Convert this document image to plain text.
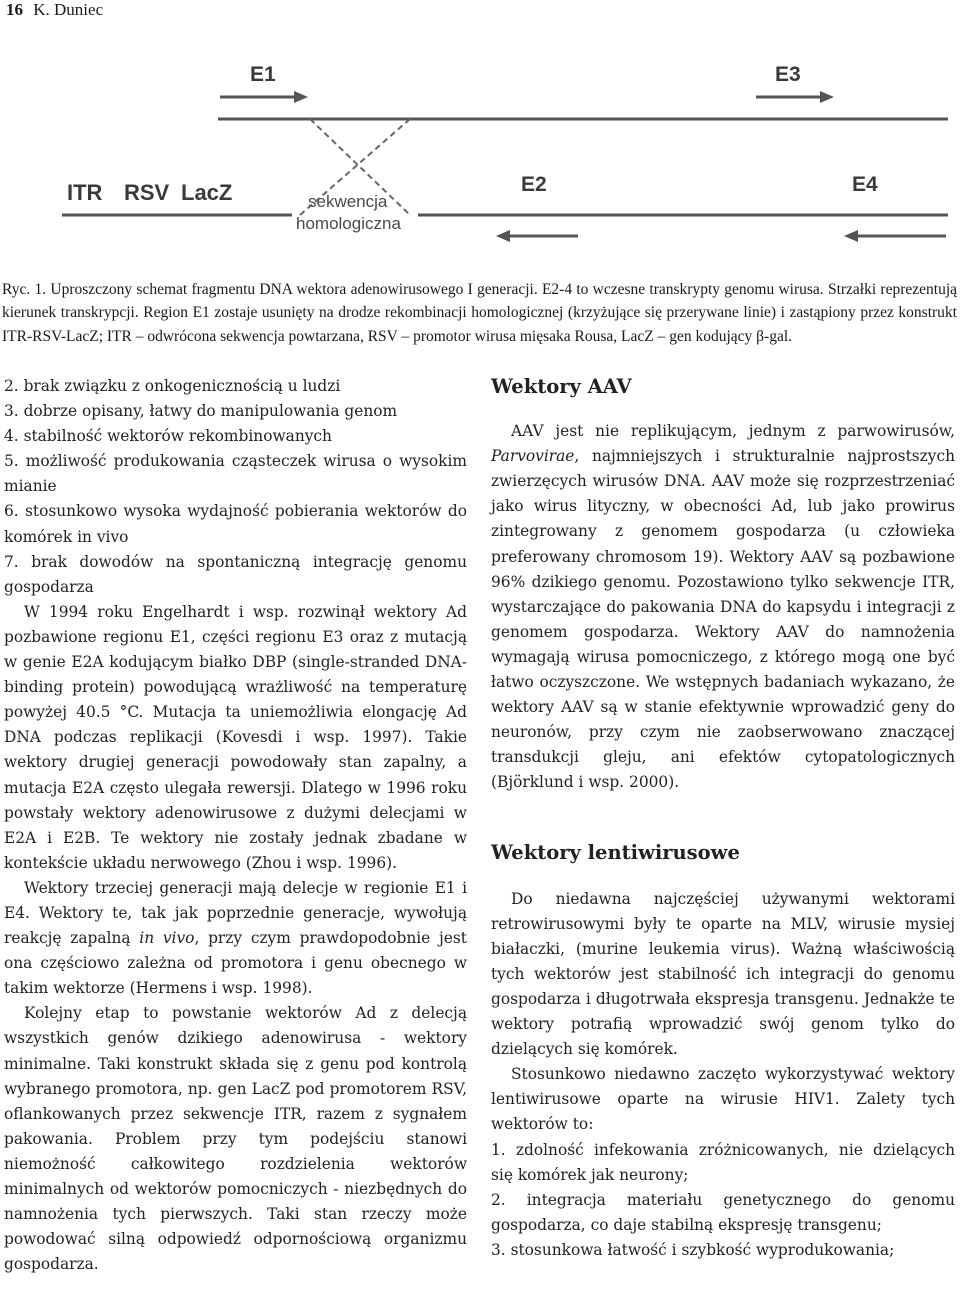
16 K. Duniec
E1	E3
E2	E4
ITR RSV LacZ	sekwencja
homologiczna

Ryc. 1. Uproszczony schemat fragmentu DNA wektora adenowirusowego I generacji. E2-4 to wczesne transkrypty genomu wirusa. Strzałki reprezentują kierunek transkrypcji. Region E1 zostaje usunięty na drodze rekombinacji homologicznej (krzyżujące się przerywane linie) i zastąpiony przez konstrukt ITR-RSV-LacZ; ITR – odwrócona sekwencja powtarzana, RSV – promotor wirusa mięsaka Rousa, LacZ – gen kodujący β-gal.

2. brak związku z onkogenicznością u ludzi

3. dobrze opisany, łatwy do manipulowania genom

4. stabilność wektorów rekombinowanych

5. możliwość produkowania cząsteczek wirusa o wysokim mianie

6. stosunkowo wysoka wydajność pobierania wektorów do komórek in vivo

7. brak dowodów na spontaniczną integrację genomu gospodarza

W 1994 roku Engelhardt i wsp. rozwinął wektory Ad pozbawione regionu E1, części regionu E3 oraz z mutacją w genie E2A kodującym białko DBP (single-stranded DNA-binding protein) powodującą wrażliwość na temperaturę powyżej 40.5 °C. Mutacja ta uniemożliwia elongację Ad DNA podczas replikacji (Kovesdi i wsp. 1997). Takie wektory drugiej generacji powodowały stan zapalny, a mutacja E2A często ulegała rewersji. Dlatego w 1996 roku powstały wektory adenowirusowe z dużymi delecjami w E2A i E2B. Te wektory nie zostały jednak zbadane w kontekście układu nerwowego (Zhou i wsp. 1996).

Wektory trzeciej generacji mają delecje w regionie E1 i E4. Wektory te, tak jak poprzednie generacje, wywołują reakcję zapalną in vivo, przy czym prawdopodobnie jest ona częściowo zależna od promotora i genu obecnego w takim wektorze (Hermens i wsp. 1998).

Kolejny etap to powstanie wektorów Ad z delecją wszystkich genów dzikiego adenowirusa - wektory minimalne. Taki konstrukt składa się z genu pod kontrolą wybranego promotora, np. gen LacZ pod promotorem RSV, oflankowanych przez sekwencje ITR, razem z sygnałem pakowania. Problem przy tym podejściu stanowi niemożność całkowitego rozdzielenia wektorów minimalnych od wektorów pomocniczych - niezbędnych do namnożenia tych pierwszych. Taki stan rzeczy może powodować silną odpowiedź odpornościową organizmu gospodarza.

Wektory AAV

AAV jest nie replikującym, jednym z parwowirusów, Parvovirae, najmniejszych i strukturalnie najprostszych zwierzęcych wirusów DNA. AAV może się rozprzestrzeniać jako wirus lityczny, w obecności Ad, lub jako prowirus zintegrowany z genomem gospodarza (u człowieka preferowany chromosom 19). Wektory AAV są pozbawione 96% dzikiego genomu. Pozostawiono tylko sekwencje ITR, wystarczające do pakowania DNA do kapsydu i integracji z genomem gospodarza. Wektory AAV do namnożenia wymagają wirusa pomocniczego, z którego mogą one być łatwo oczyszczone. We wstępnych badaniach wykazano, że wektory AAV są w stanie efektywnie wprowadzić geny do neuronów, przy czym nie zaobserwowano znaczącej transdukcji gleju, ani efektów cytopatologicznych (Björklund i wsp. 2000).

Wektory lentiwirusowe

Do niedawna najczęściej używanymi wektorami retrowirusowymi były te oparte na MLV, wirusie mysiej białaczki, (murine leukemia virus). Ważną właściwością tych wektorów jest stabilność ich integracji do genomu gospodarza i długotrwała ekspresja transgenu. Jednakże te wektory potrafią wprowadzić swój genom tylko do dzielących się komórek.

Stosunkowo niedawno zaczęto wykorzystywać wektory lentiwirusowe oparte na wirusie HIV1. Zalety tych wektorów to:

1. zdolność infekowania zróżnicowanych, nie dzielących się komórek jak neurony;

2. integracja materiału genetycznego do genomu gospodarza, co daje stabilną ekspresję transgenu;

3. stosunkowa łatwość i szybkość wyprodukowania;
